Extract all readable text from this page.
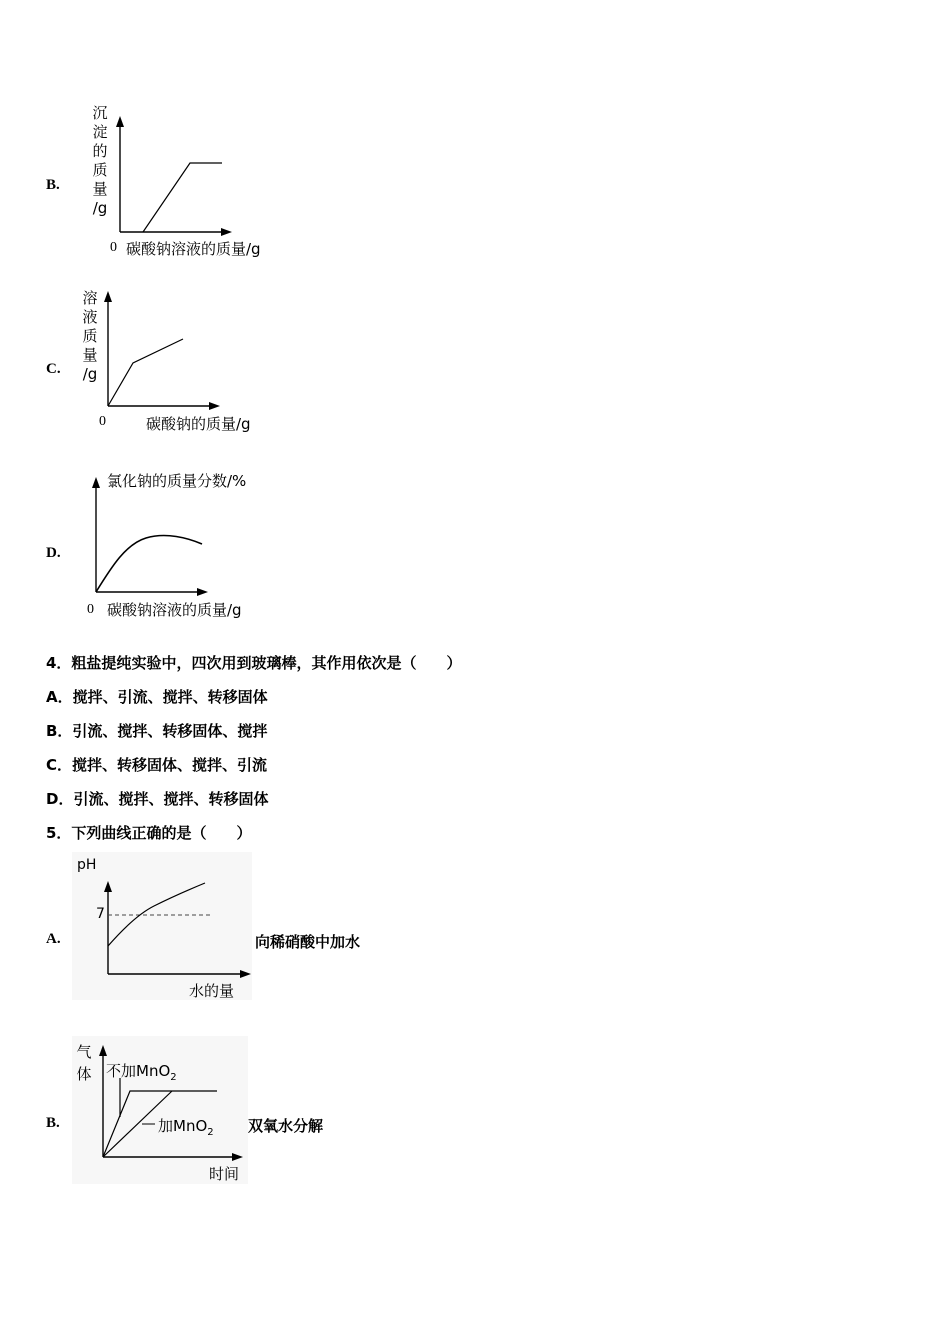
B.
沉
淀
的
质
量
/g
0 碳酸钠溶液的质量/g
C.
溶
液
质
量
/g
0	碳酸钠的质量/g
D.
氯化钠的质量分数/%
0 碳酸钠溶液的质量/g
4．粗盐提纯实验中，四次用到玻璃棒，其作用依次是（　　）
A．搅拌、引流、搅拌、转移固体
B．引流、搅拌、转移固体、搅拌
C．搅拌、转移固体、搅拌、引流
D．引流、搅拌、搅拌、转移固体
5．下列曲线正确的是（　　）
A.
pH
7
水的量
向稀硝酸中加水
B.
气
体 不加MnO$_2$
加MnO$_2$
时间
双氧水分解
